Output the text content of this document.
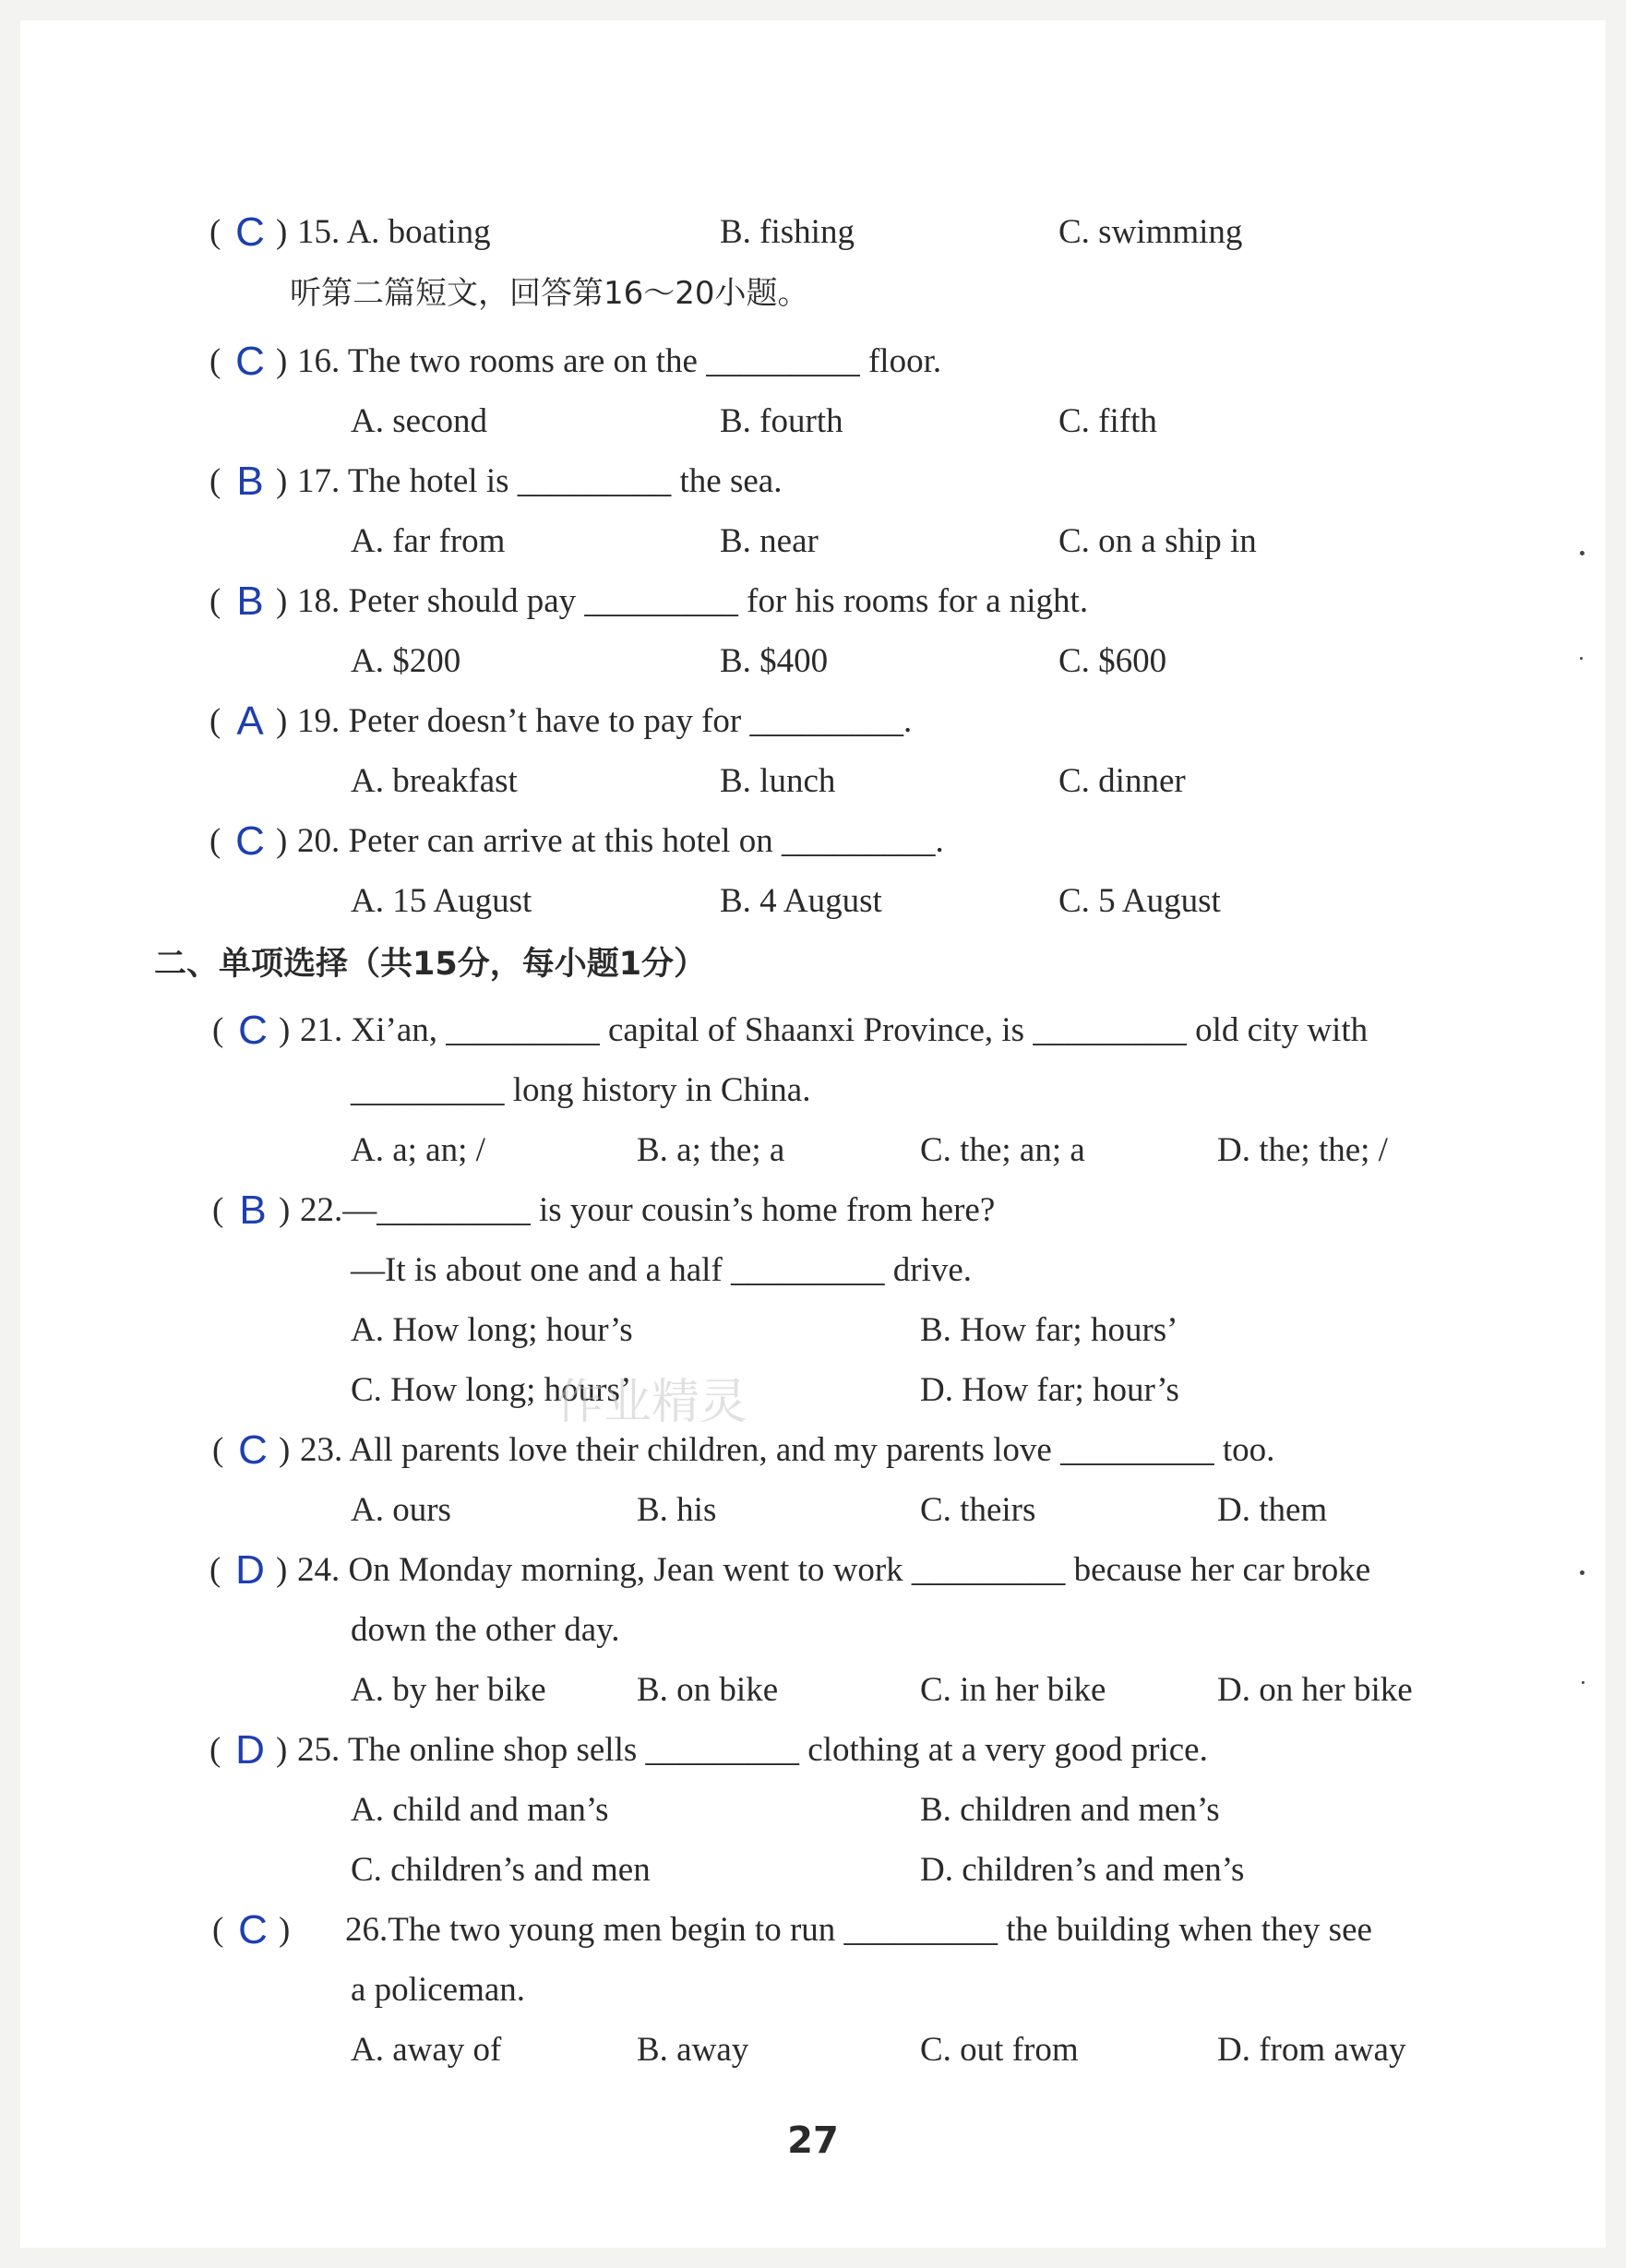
( C ) 15. A. boating	B. fishing	C. swimming
听第二篇短文，回答第16～20小题。
( C ) 16. The two rooms are on the _________ floor.
A. second	B. fourth	C. fifth
( B ) 17. The hotel is _________ the sea.
A. far from	B. near	C. on a ship in
( B ) 18. Peter should pay _________ for his rooms for a night.
A. $200	B. $400	C. $600
( A ) 19. Peter doesn’t have to pay for _________.
A. breakfast	B. lunch	C. dinner
( C ) 20. Peter can arrive at this hotel on _________.
A. 15 August	B. 4 August	C. 5 August
二、单项选择（共15分，每小题1分）
( C ) 21. Xi’an, _________ capital of Shaanxi Province, is _________ old city with
_________ long history in China.
A. a; an; /	B. a; the; a	C. the; an; a	D. the; the; /
( B ) 22.—_________ is your cousin’s home from here?
—It is about one and a half _________ drive.
A. How long; hour’s	B. How far; hours’
C. How long; hours’	D. How far; hour’s
( C ) 23. All parents love their children, and my parents love _________ too.
A. ours	B. his	C. theirs	D. them
( D ) 24. On Monday morning, Jean went to work _________ because her car broke
down the other day.
A. by her bike	B. on bike	C. in her bike	D. on her bike
( D ) 25. The online shop sells _________ clothing at a very good price.
A. child and man’s	B. children and men’s
C. children’s and men	D. children’s and men’s
( C ) 26.The two young men begin to run _________ the building when they see
a policeman.
A. away of	B. away	C. out from	D. from away
作业精灵
27
